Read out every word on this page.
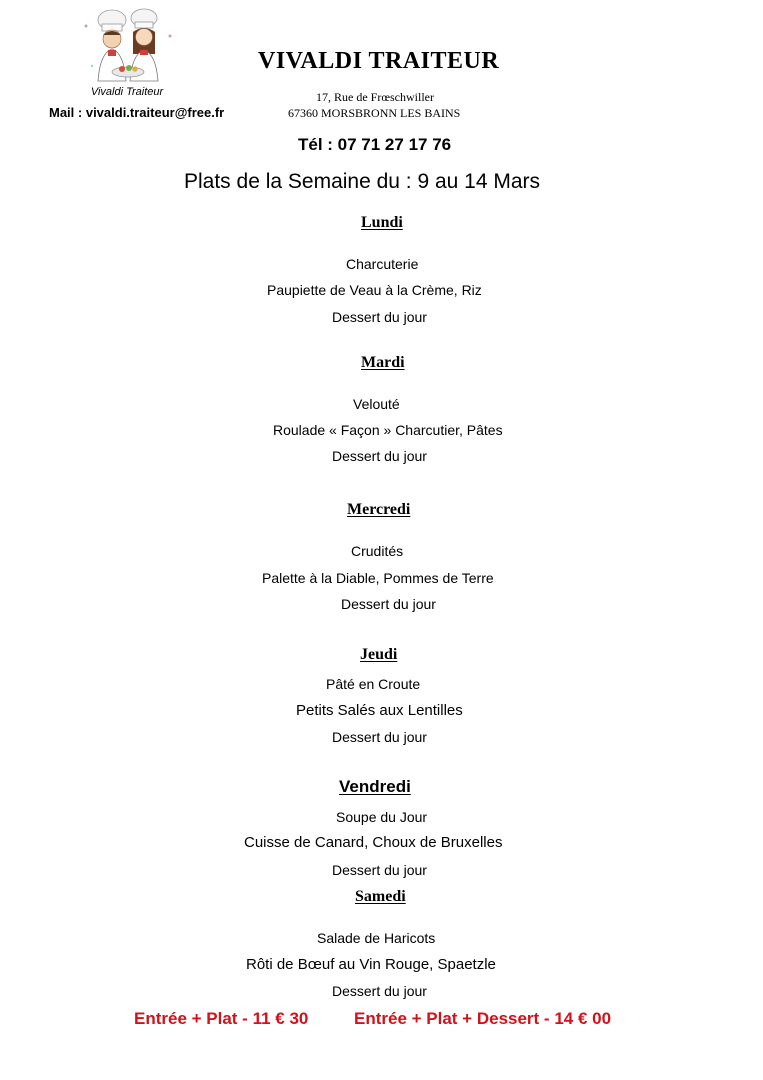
Vivaldi Traiteur
Mail : vivaldi.traiteur@free.fr
VIVALDI TRAITEUR
17, Rue de Frœschwiller
67360 MORSBRONN LES BAINS
Tél : 07 71 27 17 76
Plats de la Semaine du : 9 au 14 Mars
Lundi
Charcuterie
Paupiette de Veau à la Crème, Riz
Dessert du jour
Mardi
Velouté
Roulade « Façon » Charcutier, Pâtes
Dessert du jour
Mercredi
Crudités
Palette à la Diable, Pommes de Terre
Dessert du jour
Jeudi
Pâté en Croute
Petits Salés aux Lentilles
Dessert du jour
Vendredi
Soupe du Jour
Cuisse de Canard, Choux de Bruxelles
Dessert du jour
Samedi
Salade de Haricots
Rôti de Bœuf au Vin Rouge, Spaetzle
Dessert du jour
Entrée + Plat - 11 € 30	Entrée + Plat + Dessert - 14 € 00
